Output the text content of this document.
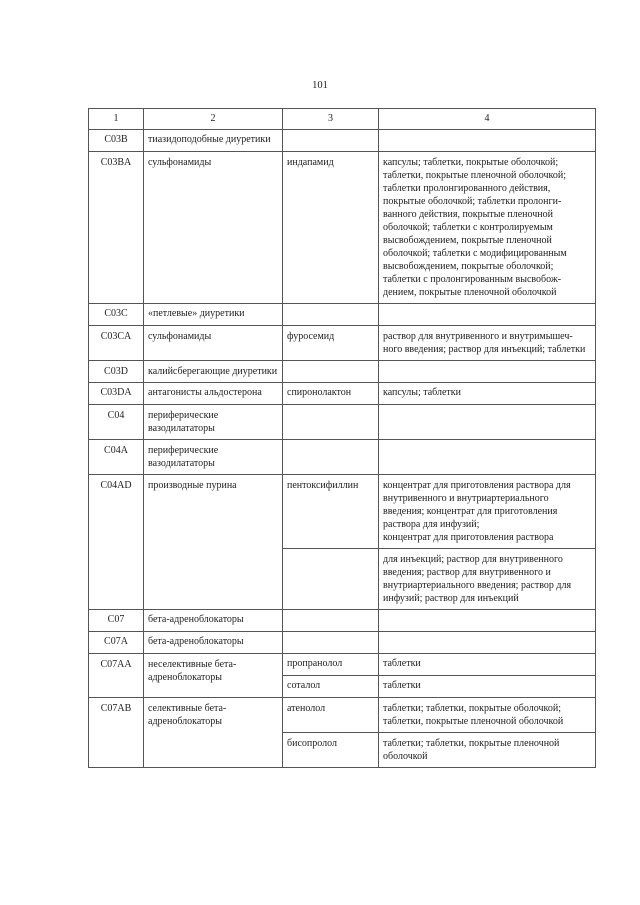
101
1	2	3	4
C03B	тиазидоподобные диуретики		
C03BA	сульфонамиды	индапамид	капсулы; таблетки, покрытые оболочкой; таблетки, покрытые пленочной оболочкой; таблетки пролонгированного действия, покрытые оболочкой; таблетки пролонги-ванного действия, покрытые пленочной оболочкой; таблетки с контролируемым высвобождением, покрытые пленочной оболочкой; таблетки с модифицированным высвобождением, покрытые оболочкой; таблетки с пролонгированным высвобож-дением, покрытые пленочной оболочкой
C03C	«петлевые» диуретики		
C03CA	сульфонамиды	фуросемид	раствор для внутривенного и внутримышеч-ного введения; раствор для инъекций; таблетки
C03D	калийсберегающие диуретики		
C03DA	антагонисты альдостерона	спиронолактон	капсулы; таблетки
C04	периферические вазодилататоры		
C04A	периферические вазодилататоры		
C04AD	производные пурина	пентоксифиллин	концентрат для приготовления раствора для внутривенного и внутриартериального введения; концентрат для приготовления раствора для инфузий;
концентрат для приготовления раствора
			для инъекций; раствор для внутривенного введения; раствор для внутривенного и внутриартериального введения; раствор для инфузий; раствор для инъекций
C07	бета-адреноблокаторы		
C07A	бета-адреноблокаторы		
C07AA	неселективные бета-адреноблокаторы	пропранолол	таблетки
		соталол	таблетки
C07AB	селективные бета-адреноблокаторы	атенолол	таблетки; таблетки, покрытые оболочкой; таблетки, покрытые пленочной оболочкой
		бисопролол	таблетки; таблетки, покрытые пленочной оболочкой
